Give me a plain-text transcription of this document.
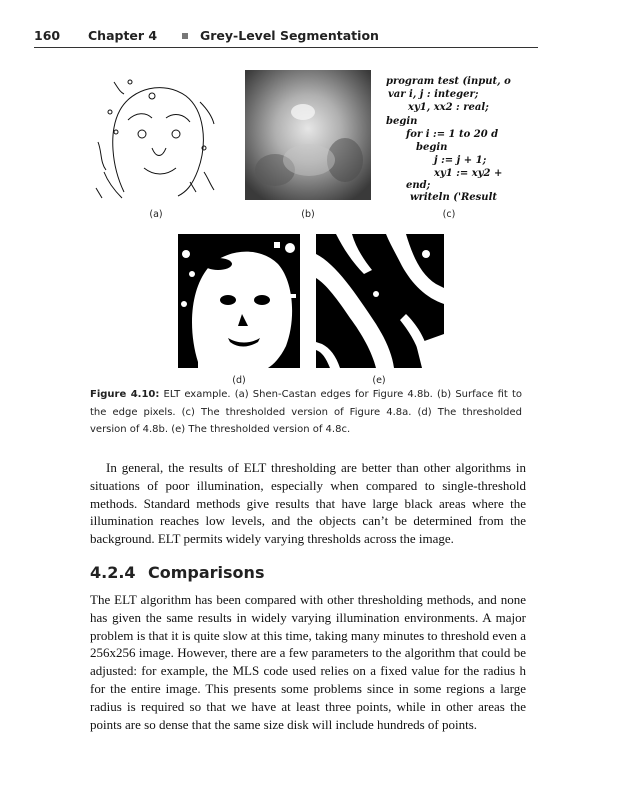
160 Chapter 4	Grey-Level Segmentation
(a)	(b)
program test (input, o
var i, j : integer;
xy1, xx2 : real;
begin
for i := 1 to 20 d
begin
j := j + 1;
xy1 := xy2 +
end;
writeln ('Result
(c)
(d)	(e)
Figure 4.10: ELT example. (a) Shen-Castan edges for Figure 4.8b. (b) Surface fit to the edge pixels. (c) The thresholded version of Figure 4.8a. (d) The thresholded version of 4.8b. (e) The thresholded version of 4.8c.
In general, the results of ELT thresholding are better than other algorithms in situations of poor illumination, especially when compared to single-threshold methods. Standard methods give results that have large black areas where the illumination reaches low levels, and the objects can’t be determined from the background. ELT permits widely varying thresholds across the image.
4.2.4 Comparisons
The ELT algorithm has been compared with other thresholding methods, and none has given the same results in widely varying illumination environments. A major problem is that it is quite slow at this time, taking many minutes to threshold even a 256x256 image. However, there are a few parameters to the algorithm that could be adjusted: for example, the MLS code used relies on a fixed value for the radius h for the entire image. This presents some problems since in some regions a large radius is required so that we have at least three points, while in other areas the points are so dense that the same size disk will include hundreds of points.
